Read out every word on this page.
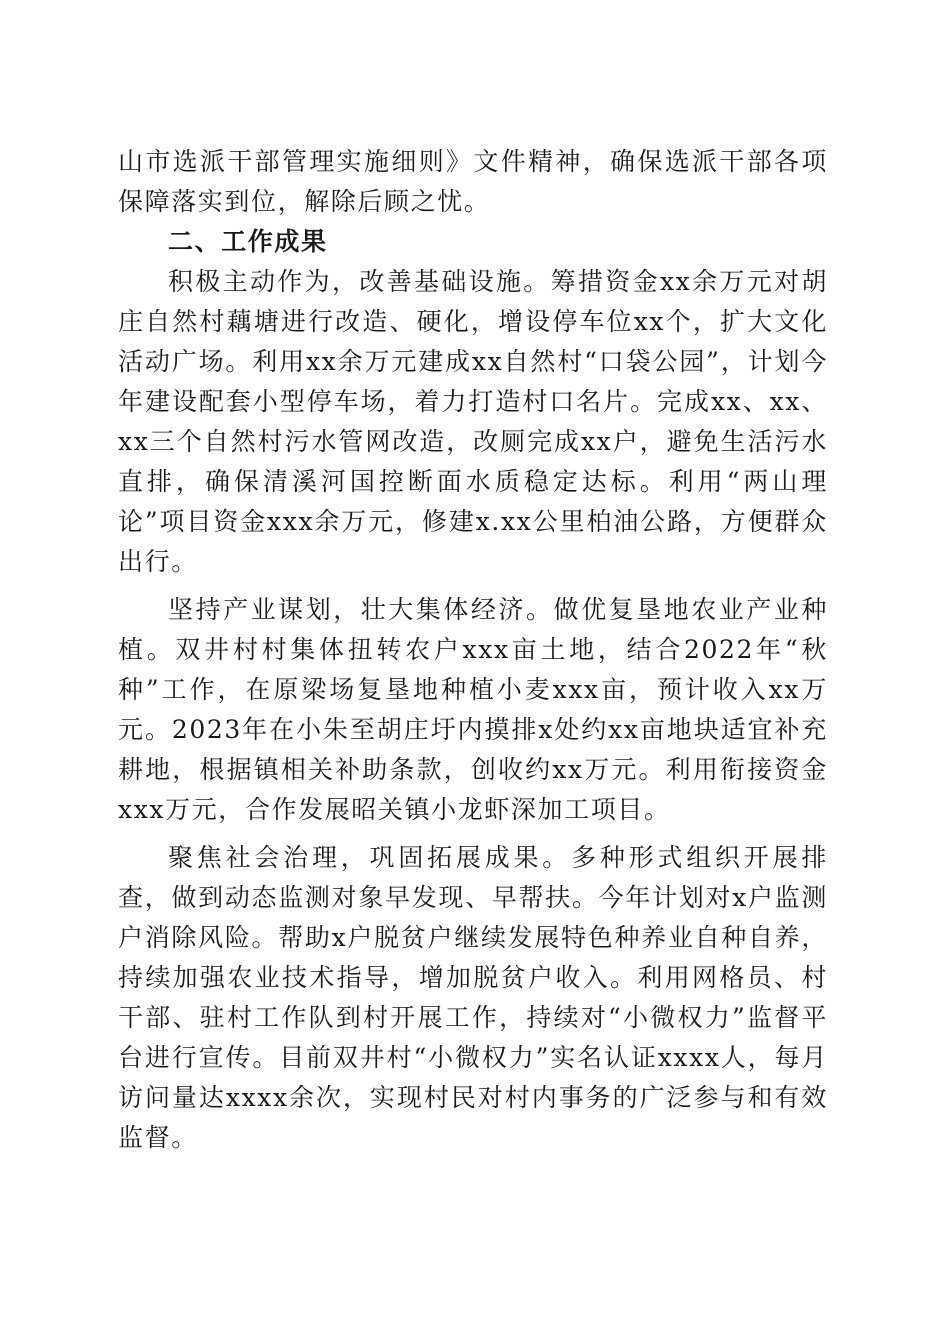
山市选派干部管理实施细则》文件精神，确保选派干部各项保障落实到位，解除后顾之忧。

二、工作成果

积极主动作为，改善基础设施。筹措资金xx余万元对胡庄自然村藕塘进行改造、硬化，增设停车位xx个，扩大文化活动广场。利用xx余万元建成xx自然村“口袋公园”，计划今年建设配套小型停车场，着力打造村口名片。完成xx、xx、xx三个自然村污水管网改造，改厕完成xx户，避免生活污水直排，确保清溪河国控断面水质稳定达标。利用“两山理论”项目资金xxx余万元，修建x.xx公里柏油公路，方便群众出行。

坚持产业谋划，壮大集体经济。做优复垦地农业产业种植。双井村村集体扭转农户xxx亩土地，结合2022年“秋种”工作，在原梁场复垦地种植小麦xxx亩，预计收入xx万元。2023年在小朱至胡庄圩内摸排x处约xx亩地块适宜补充耕地，根据镇相关补助条款，创收约xx万元。利用衔接资金xxx万元，合作发展昭关镇小龙虾深加工项目。

聚焦社会治理，巩固拓展成果。多种形式组织开展排查，做到动态监测对象早发现、早帮扶。今年计划对x户监测户消除风险。帮助x户脱贫户继续发展特色种养业自种自养，持续加强农业技术指导，增加脱贫户收入。利用网格员、村干部、驻村工作队到村开展工作，持续对“小微权力”监督平台进行宣传。目前双井村“小微权力”实名认证xxxx人，每月访问量达xxxx余次，实现村民对村内事务的广泛参与和有效监督。
